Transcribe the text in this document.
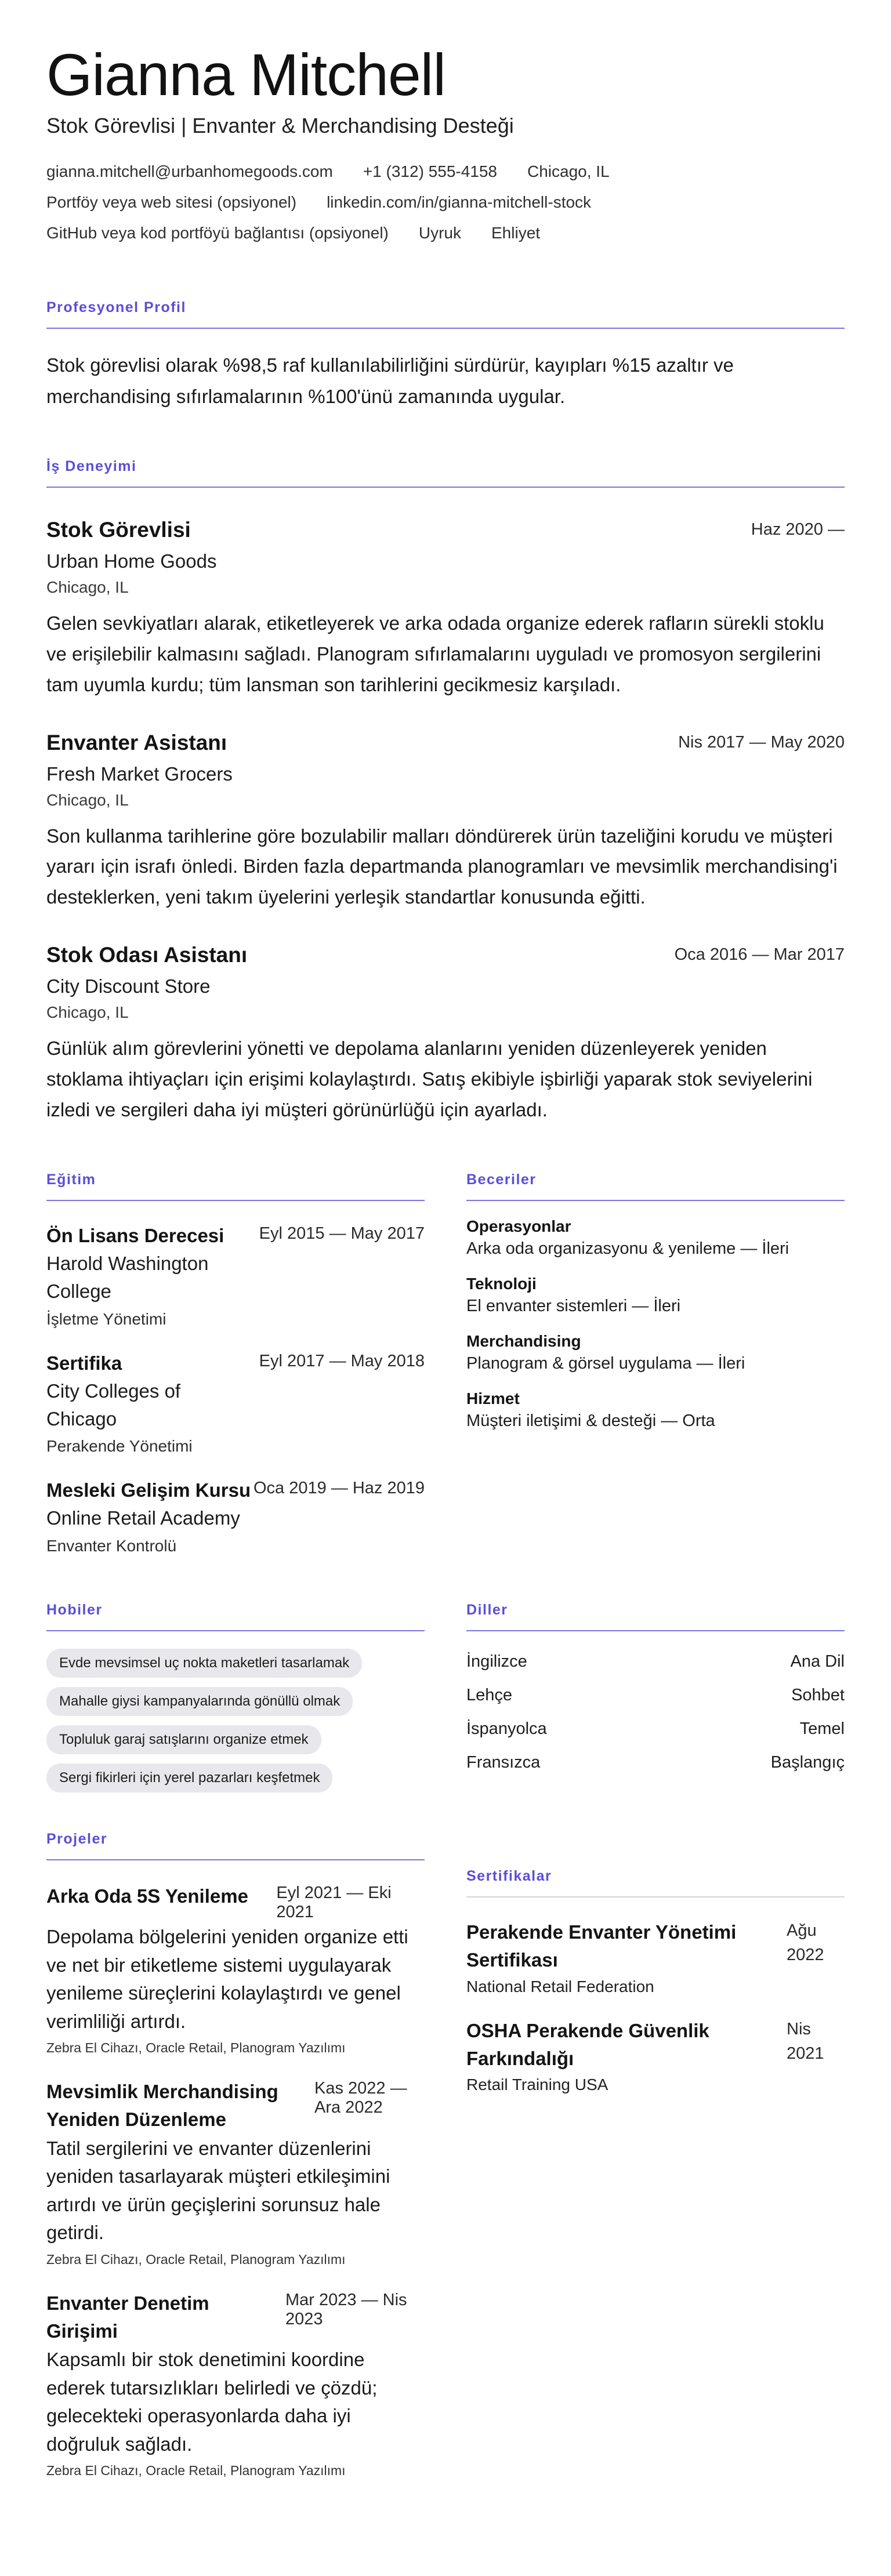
Gianna Mitchell
Stok Görevlisi | Envanter & Merchandising Desteği
gianna.mitchell@urbanhomegoods.com +1 (312) 555-4158 Chicago, IL
Portföy veya web sitesi (opsiyonel) linkedin.com/in/gianna-mitchell-stock
GitHub veya kod portföyü bağlantısı (opsiyonel) Uyruk Ehliyet
Profesyonel Profil

Stok görevlisi olarak %98,5 raf kullanılabilirliğini sürdürür, kayıpları %15 azaltır ve merchandising sıfırlamalarının %100'ünü zamanında uygular.

İş Deneyimi
Stok Görevlisi	Haz 2020 —
Urban Home Goods
Chicago, IL

Gelen sevkiyatları alarak, etiketleyerek ve arka odada organize ederek rafların sürekli stoklu ve erişilebilir kalmasını sağladı. Planogram sıfırlamalarını uyguladı ve promosyon sergilerini tam uyumla kurdu; tüm lansman son tarihlerini gecikmesiz karşıladı.

Envanter Asistanı	Nis 2017 — May 2020
Fresh Market Grocers
Chicago, IL

Son kullanma tarihlerine göre bozulabilir malları döndürerek ürün tazeliğini korudu ve müşteri yararı için israfı önledi. Birden fazla departmanda planogramları ve mevsimlik merchandising'i desteklerken, yeni takım üyelerini yerleşik standartlar konusunda eğitti.

Stok Odası Asistanı	Oca 2016 — Mar 2017
City Discount Store
Chicago, IL

Günlük alım görevlerini yönetti ve depolama alanlarını yeniden düzenleyerek yeniden stoklama ihtiyaçları için erişimi kolaylaştırdı. Satış ekibiyle işbirliği yaparak stok seviyelerini izledi ve sergileri daha iyi müşteri görünürlüğü için ayarladı.

Eğitim
Ön Lisans Derecesi
Harold Washington College
İşletme Yönetimi
Eyl 2015 — May 2017
Sertifika
City Colleges of Chicago
Perakende Yönetimi
Eyl 2017 — May 2018
Mesleki Gelişim Kursu
Online Retail Academy
Envanter Kontrolü
Oca 2019 — Haz 2019
Beceriler
Operasyonlar
Arka oda organizasyonu & yenileme — İleri
Teknoloji
El envanter sistemleri — İleri
Merchandising
Planogram & görsel uygulama — İleri
Hizmet
Müşteri iletişimi & desteği — Orta
Hobiler
Evde mevsimsel uç nokta maketleri tasarlamak
Mahalle giysi kampanyalarında gönüllü olmak
Topluluk garaj satışlarını organize etmek
Sergi fikirleri için yerel pazarları keşfetmek
Diller
İngilizce	Ana Dil
Lehçe	Sohbet
İspanyolca	Temel
Fransızca	Başlangıç
Projeler
Arka Oda 5S Yenileme	Eyl 2021 — Eki 2021

Depolama bölgelerini yeniden organize etti ve net bir etiketleme sistemi uygulayarak yenileme süreçlerini kolaylaştırdı ve genel verimliliği artırdı.

Zebra El Cihazı, Oracle Retail, Planogram Yazılımı
Mevsimlik Merchandising Yeniden Düzenleme
Kas 2022 — Ara 2022

Tatil sergilerini ve envanter düzenlerini yeniden tasarlayarak müşteri etkileşimini artırdı ve ürün geçişlerini sorunsuz hale getirdi.

Zebra El Cihazı, Oracle Retail, Planogram Yazılımı
Envanter Denetim Girişimi
Mar 2023 — Nis 2023

Kapsamlı bir stok denetimini koordine ederek tutarsızlıkları belirledi ve çözdü; gelecekteki operasyonlarda daha iyi doğruluk sağladı.

Zebra El Cihazı, Oracle Retail, Planogram Yazılımı
Sertifikalar
Perakende Envanter Yönetimi Sertifikası
National Retail Federation
Ağu 2022
OSHA Perakende Güvenlik Farkındalığı
Retail Training USA
Nis 2021
